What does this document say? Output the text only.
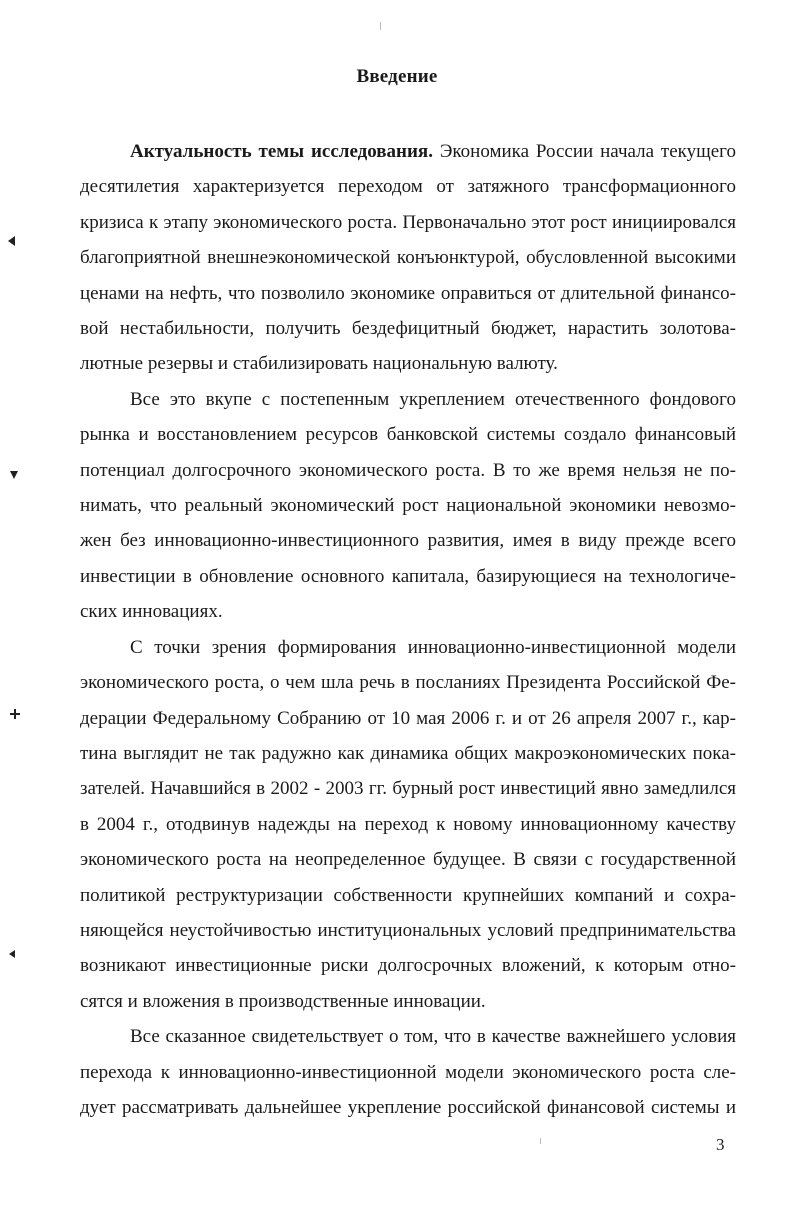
Введение
Актуальность темы исследования. Экономика России начала текущего
десятилетия характеризуется переходом от затяжного трансформационного
кризиса к этапу экономического роста. Первоначально этот рост инициировался
благоприятной внешнеэкономической конъюнктурой, обусловленной высокими
ценами на нефть, что позволило экономике оправиться от длительной финансо-
вой нестабильности, получить бездефицитный бюджет, нарастить золотова-
лютные резервы и стабилизировать национальную валюту.
Все это вкупе с постепенным укреплением отечественного фондового
рынка и восстановлением ресурсов банковской системы создало финансовый
потенциал долгосрочного экономического роста. В то же время нельзя не по-
нимать, что реальный экономический рост национальной экономики невозмо-
жен без инновационно-инвестиционного развития, имея в виду прежде всего
инвестиции в обновление основного капитала, базирующиеся на технологиче-
ских инновациях.
С точки зрения формирования инновационно-инвестиционной модели
экономического роста, о чем шла речь в посланиях Президента Российской Фе-
дерации Федеральному Собранию от 10 мая 2006 г. и от 26 апреля 2007 г., кар-
тина выглядит не так радужно как динамика общих макроэкономических пока-
зателей. Начавшийся в 2002 - 2003 гг. бурный рост инвестиций явно замедлился
в 2004 г., отодвинув надежды на переход к новому инновационному качеству
экономического роста на неопределенное будущее. В связи с государственной
политикой реструктуризации собственности крупнейших компаний и сохра-
няющейся неустойчивостью институциональных условий предпринимательства
возникают инвестиционные риски долгосрочных вложений, к которым отно-
сятся и вложения в производственные инновации.
Все сказанное свидетельствует о том, что в качестве важнейшего условия
перехода к инновационно-инвестиционной модели экономического роста сле-
дует рассматривать дальнейшее укрепление российской финансовой системы и
3
